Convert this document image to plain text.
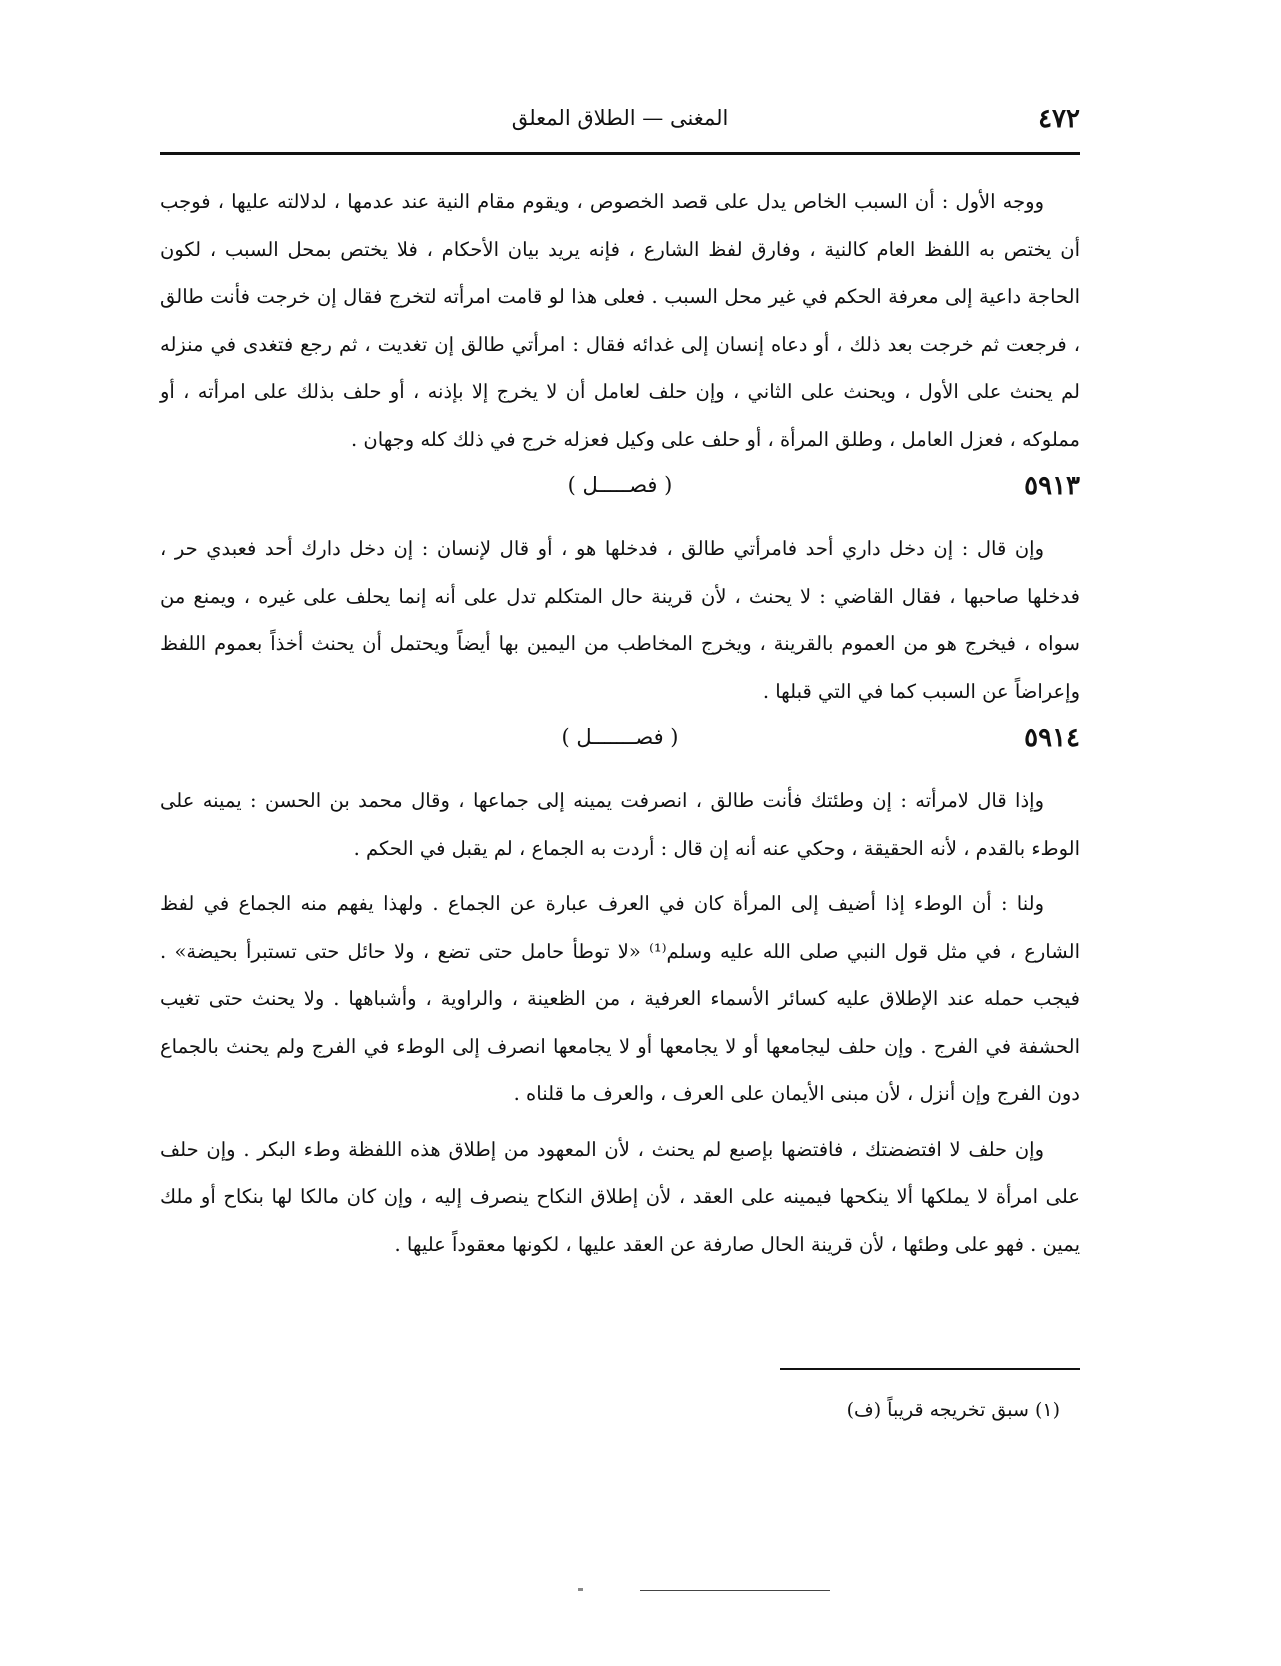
٤٧٢
المغنى — الطلاق المعلق

ووجه الأول : أن السبب الخاص يدل على قصد الخصوص ، ويقوم مقام النية عند عدمها ، لدلالته عليها ، فوجب أن يختص به اللفظ العام كالنية ، وفارق لفظ الشارع ، فإنه يريد بيان الأحكام ، فلا يختص بمحل السبب ، لكون الحاجة داعية إلى معرفة الحكم في غير محل السبب . فعلى هذا لو قامت امرأته لتخرج فقال إن خرجت فأنت طالق ، فرجعت ثم خرجت بعد ذلك ، أو دعاه إنسان إلى غدائه فقال : امرأتي طالق إن تغديت ، ثم رجع فتغدى في منزله لم يحنث على الأول ، ويحنث على الثاني ، وإن حلف لعامل أن لا يخرج إلا بإذنه ، أو حلف بذلك على امرأته ، أو مملوكه ، فعزل العامل ، وطلق المرأة ، أو حلف على وكيل فعزله خرج في ذلك كله وجهان .

٥٩١٣
( فصـــــل )

وإن قال : إن دخل داري أحد فامرأتي طالق ، فدخلها هو ، أو قال لإنسان : إن دخل دارك أحد فعبدي حر ، فدخلها صاحبها ، فقال القاضي : لا يحنث ، لأن قرينة حال المتكلم تدل على أنه إنما يحلف على غيره ، ويمنع من سواه ، فيخرج هو من العموم بالقرينة ، ويخرج المخاطب من اليمين بها أيضاً ويحتمل أن يحنث أخذاً بعموم اللفظ وإعراضاً عن السبب كما في التي قبلها .

٥٩١٤
( فصـــــــل )

وإذا قال لامرأته : إن وطئتك فأنت طالق ، انصرفت يمينه إلى جماعها ، وقال محمد بن الحسن : يمينه على الوطء بالقدم ، لأنه الحقيقة ، وحكي عنه أنه إن قال : أردت به الجماع ، لم يقبل في الحكم .

ولنا : أن الوطء إذا أضيف إلى المرأة كان في العرف عبارة عن الجماع . ولهذا يفهم منه الجماع في لفظ الشارع ، في مثل قول النبي صلى الله عليه وسلم⁽¹⁾ «لا توطأ حامل حتى تضع ، ولا حائل حتى تستبرأ بحيضة» . فيجب حمله عند الإطلاق عليه كسائر الأسماء العرفية ، من الظعينة ، والراوية ، وأشباهها . ولا يحنث حتى تغيب الحشفة في الفرج . وإن حلف ليجامعها أو لا يجامعها أو لا يجامعها انصرف إلى الوطء في الفرج ولم يحنث بالجماع دون الفرج وإن أنزل ، لأن مبنى الأيمان على العرف ، والعرف ما قلناه .

وإن حلف لا افتضضتك ، فافتضها بإصبع لم يحنث ، لأن المعهود من إطلاق هذه اللفظة وطء البكر . وإن حلف على امرأة لا يملكها ألا ينكحها فيمينه على العقد ، لأن إطلاق النكاح ينصرف إليه ، وإن كان مالكا لها بنكاح أو ملك يمين . فهو على وطئها ، لأن قرينة الحال صارفة عن العقد عليها ، لكونها معقوداً عليها .

(١) سبق تخريجه قريباً (ف)
